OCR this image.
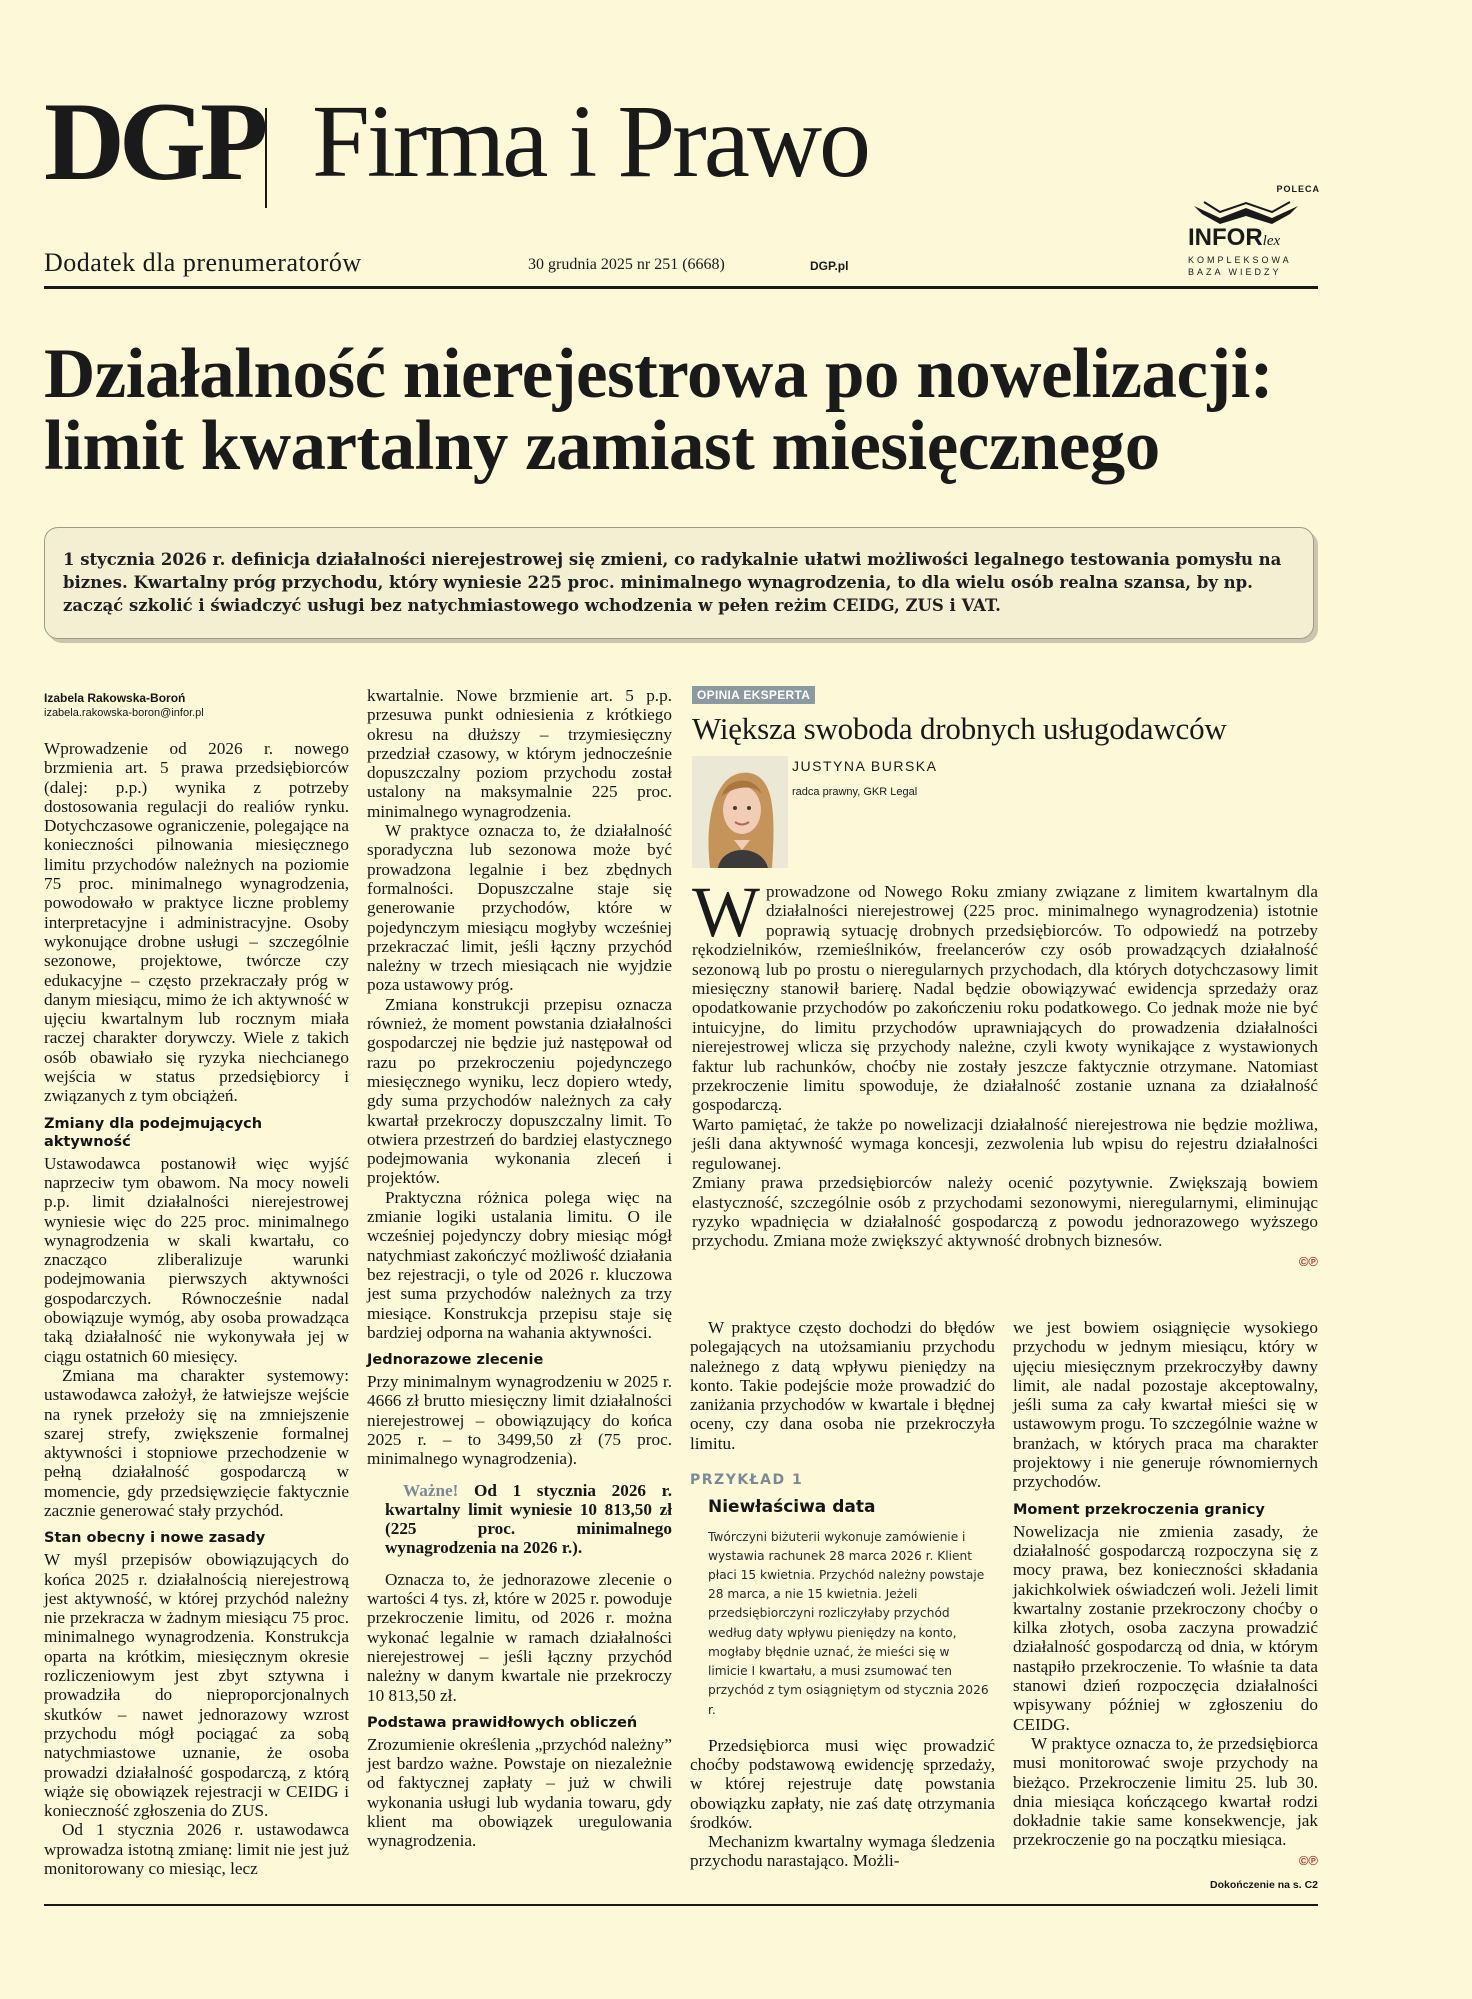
DGP Firma i Prawo	POLECA
INFORlex
KOMPLEKSOWA
BAZA WIEDZY
Dodatek dla prenumeratorów	30 grudnia 2025 nr 251 (6668)	DGP.pl
Działalność nierejestrowa po nowelizacji:
limit kwartalny zamiast miesięcznego

1 stycznia 2026 r. definicja działalności nierejestrowej się zmieni, co radykalnie ułatwi możliwości legalnego testowania pomysłu na biznes. Kwartalny próg przychodu, który wyniesie 225 proc. minimalnego wynagrodzenia, to dla wielu osób realna szansa, by np. zacząć szkolić i świadczyć usługi bez natychmiastowego wchodzenia w pełen reżim CEIDG, ZUS i VAT.

Izabela Rakowska-Boroń
izabela.rakowska-boron@infor.pl

Wprowadzenie od 2026 r. nowego brzmienia art. 5 prawa przedsiębiorców (dalej: p.p.) wynika z potrzeby dostosowania regulacji do realiów rynku. Dotychczasowe ograniczenie, polegające na konieczności pilnowania miesięcznego limitu przychodów należnych na poziomie 75 proc. minimalnego wynagrodzenia, powodowało w praktyce liczne problemy interpretacyjne i administracyjne. Osoby wykonujące drobne usługi – szczególnie sezonowe, projektowe, twórcze czy edukacyjne – często przekraczały próg w danym miesiącu, mimo że ich aktywność w ujęciu kwartalnym lub rocznym miała raczej charakter dorywczy. Wiele z takich osób obawiało się ryzyka niechcianego wejścia w status przedsiębiorcy i związanych z tym obciążeń.

Zmiany dla podejmujących aktywność

Ustawodawca postanowił więc wyjść naprzeciw tym obawom. Na mocy nowelі p.p. limit działalności nierejestrowej wyniesie więc do 225 proc. minimalnego wynagrodzenia w skali kwartału, co znacząco zliberalizuje warunki podejmowania pierwszych aktywności gospodarczych. Równocześnie nadal obowiązuje wymóg, aby osoba prowadząca taką działalność nie wykonywała jej w ciągu ostatnich 60 miesięcy.

Zmiana ma charakter systemowy: ustawodawca założył, że łatwiejsze wejście na rynek przełoży się na zmniejszenie szarej strefy, zwiększenie formalnej aktywności i stopniowe przechodzenie w pełną działalność gospodarczą w momencie, gdy przedsięwzięcie faktycznie zacznie generować stały przychód.

Stan obecny i nowe zasady

W myśl przepisów obowiązujących do końca 2025 r. działalnością nierejestrową jest aktywność, w której przychód należny nie przekracza w żadnym miesiącu 75 proc. minimalnego wynagrodzenia. Konstrukcja oparta na krótkim, miesięcznym okresie rozliczeniowym jest zbyt sztywna i prowadziła do nieproporcjonalnych skutków – nawet jednorazowy wzrost przychodu mógł pociągać za sobą natychmiastowe uznanie, że osoba prowadzi działalność gospodarczą, z którą wiąże się obowiązek rejestracji w CEIDG i konieczność zgłoszenia do ZUS.

Od 1 stycznia 2026 r. ustawodawca wprowadza istotną zmianę: limit nie jest już monitorowany co miesiąc, lecz

kwartalnie. Nowe brzmienie art. 5 p.p. przesuwa punkt odniesienia z krótkiego okresu na dłuższy – trzymiesięczny przedział czasowy, w którym jednocześnie dopuszczalny poziom przychodu został ustalony na maksymalnie 225 proc. minimalnego wynagrodzenia.

W praktyce oznacza to, że działalność sporadyczna lub sezonowa może być prowadzona legalnie i bez zbędnych formalności. Dopuszczalne staje się generowanie przychodów, które w pojedynczym miesiącu mogłyby wcześniej przekraczać limit, jeśli łączny przychód należny w trzech miesiącach nie wyjdzie poza ustawowy próg.

Zmiana konstrukcji przepisu oznacza również, że moment powstania działalności gospodarczej nie będzie już następował od razu po przekroczeniu pojedynczego miesięcznego wyniku, lecz dopiero wtedy, gdy suma przychodów należnych za cały kwartał przekroczy dopuszczalny limit. To otwiera przestrzeń do bardziej elastycznego podejmowania wykonania zleceń i projektów.

Praktyczna różnica polega więc na zmianie logiki ustalania limitu. O ile wcześniej pojedynczy dobry miesiąc mógł natychmiast zakończyć możliwość działania bez rejestracji, o tyle od 2026 r. kluczowa jest suma przychodów należnych za trzy miesiące. Konstrukcja przepisu staje się bardziej odporna na wahania aktywności.

Jednorazowe zlecenie

Przy minimalnym wynagrodzeniu w 2025 r. 4666 zł brutto miesięczny limit działalności nierejestrowej – obowiązujący do końca 2025 r. – to 3499,50 zł (75 proc. minimalnego wynagrodzenia).

Ważne! Od 1 stycznia 2026 r. kwartalny limit wyniesie 10 813,50 zł (225 proc. minimalnego wynagrodzenia na 2026 r.).

Oznacza to, że jednorazowe zlecenie o wartości 4 tys. zł, które w 2025 r. powoduje przekroczenie limitu, od 2026 r. można wykonać legalnie w ramach działalności nierejestrowej – jeśli łączny przychód należny w danym kwartale nie przekroczy 10 813,50 zł.

Podstawa prawidłowych obliczeń

Zrozumienie określenia „przychód należny” jest bardzo ważne. Powstaje on niezależnie od faktycznej zapłaty – już w chwili wykonania usługi lub wydania towaru, gdy klient ma obowiązek uregulowania wynagrodzenia.

OPINIA EKSPERTA
Większa swoboda drobnych usługodawców
JUSTYNA BURSKA
radca prawny, GKR Legal
W prowadzone od Nowego Roku zmiany związane z limitem kwartalnym dla działalności nierejestrowej (225 proc. minimalnego wynagrodzenia) istotnie poprawią sytuację drobnych przedsiębiorców. To odpowiedź na potrzeby rękodzielników, rzemieślników, freelancerów czy osób prowadzących działalność sezonową lub po prostu o nieregularnych przychodach, dla których dotychczasowy limit miesięczny stanowił barierę. Nadal będzie obowiązywać ewidencja sprzedaży oraz opodatkowanie przychodów po zakończeniu roku podatkowego. Co jednak może nie być intuicyjne, do limitu przychodów uprawniających do prowadzenia działalności nierejestrowej wlicza się przychody należne, czyli kwoty wynikające z wystawionych faktur lub rachunków, choćby nie zostały jeszcze faktycznie otrzymane. Natomiast przekroczenie limitu spowoduje, że działalność zostanie uznana za działalność gospodarczą.

Warto pamiętać, że także po nowelizacji działalność nierejestrowa nie będzie możliwa, jeśli dana aktywność wymaga koncesji, zezwolenia lub wpisu do rejestru działalności regulowanej.

Zmiany prawa przedsiębiorców należy ocenić pozytywnie. Zwiększają bowiem elastyczność, szczególnie osób z przychodami sezonowymi, nieregularnymi, eliminując ryzyko wpadnięcia w działalność gospodarczą z powodu jednorazowego wyższego przychodu. Zmiana może zwiększyć aktywność drobnych biznesów.

©℗

W praktyce często dochodzi do błędów polegających na utożsamianiu przychodu należnego z datą wpływu pieniędzy na konto. Takie podejście może prowadzić do zaniżania przychodów w kwartale i błędnej oceny, czy dana osoba nie przekroczyła limitu.

PRZYKŁAD 1
Niewłaściwa data
Twórczyni biżuterii wykonuje zamówienie i wystawia rachunek 28 marca 2026 r. Klient płaci 15 kwietnia. Przychód należny powstaje 28 marca, a nie 15 kwietnia. Jeżeli przedsiębiorczyni rozliczyłaby przychód według daty wpływu pieniędzy na konto, mogłaby błędnie uznać, że mieści się w limicie I kwartału, a musi zsumować ten przychód z tym osiągniętym od stycznia 2026 r.

Przedsiębiorca musi więc prowadzić choćby podstawową ewidencję sprzedaży, w której rejestruje datę powstania obowiązku zapłaty, nie zaś datę otrzymania środków.

Mechanizm kwartalny wymaga śledzenia przychodu narastająco. Możli-

we jest bowiem osiągnięcie wysokiego przychodu w jednym miesiącu, który w ujęciu miesięcznym przekroczyłby dawny limit, ale nadal pozostaje akceptowalny, jeśli suma za cały kwartał mieści się w ustawowym progu. To szczególnie ważne w branżach, w których praca ma charakter projektowy i nie generuje równomiernych przychodów.

Moment przekroczenia granicy

Nowelizacja nie zmienia zasady, że działalność gospodarczą rozpoczyna się z mocy prawa, bez konieczności składania jakichkolwiek oświadczeń woli. Jeżeli limit kwartalny zostanie przekroczony choćby o kilka złotych, osoba zaczyna prowadzić działalność gospodarczą od dnia, w którym nastąpiło przekroczenie. To właśnie ta data stanowi dzień rozpoczęcia działalności wpisywany później w zgłoszeniu do CEIDG.

W praktyce oznacza to, że przedsiębiorca musi monitorować swoje przychody na bieżąco. Przekroczenie limitu 25. lub 30. dnia miesiąca kończącego kwartał rodzi dokładnie takie same konsekwencje, jak przekroczenie go na początku miesiąca.

©℗
Dokończenie na s. C2
